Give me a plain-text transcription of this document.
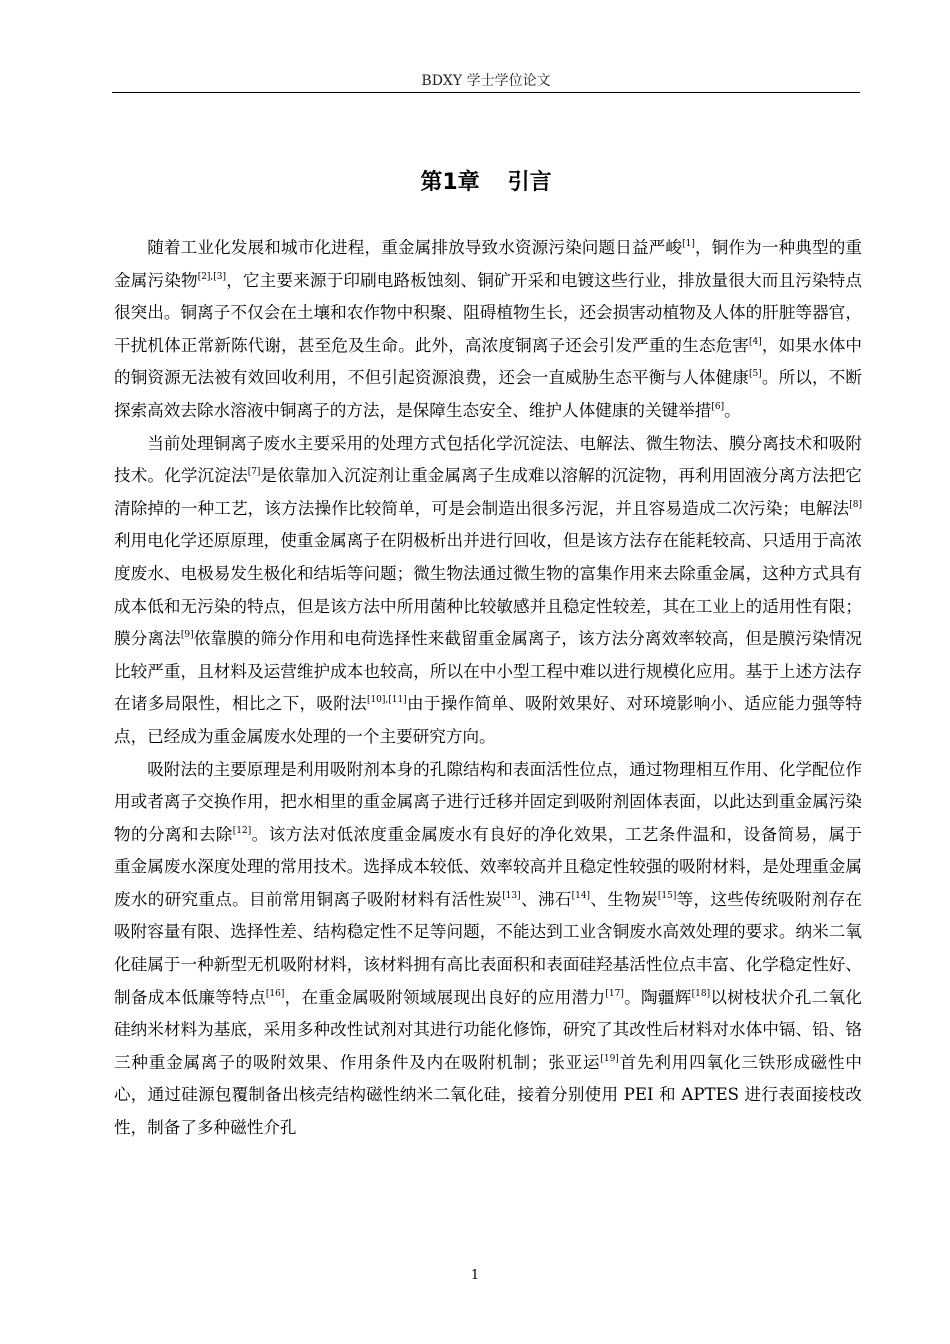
BDXY 学士学位论文
第1章 引言

随着工业化发展和城市化进程，重金属排放导致水资源污染问题日益严峻[1]，铜作为一种典型的重金属污染物[2],[3]，它主要来源于印刷电路板蚀刻、铜矿开采和电镀这些行业，排放量很大而且污染特点很突出。铜离子不仅会在土壤和农作物中积聚、阻碍植物生长，还会损害动植物及人体的肝脏等器官，干扰机体正常新陈代谢，甚至危及生命。此外，高浓度铜离子还会引发严重的生态危害[4]，如果水体中的铜资源无法被有效回收利用，不但引起资源浪费，还会一直威胁生态平衡与人体健康[5]。所以，不断探索高效去除水溶液中铜离子的方法，是保障生态安全、维护人体健康的关键举措[6]。

当前处理铜离子废水主要采用的处理方式包括化学沉淀法、电解法、微生物法、膜分离技术和吸附技术。化学沉淀法[7]是依靠加入沉淀剂让重金属离子生成难以溶解的沉淀物，再利用固液分离方法把它清除掉的一种工艺，该方法操作比较简单，可是会制造出很多污泥，并且容易造成二次污染；电解法[8]利用电化学还原原理，使重金属离子在阴极析出并进行回收，但是该方法存在能耗较高、只适用于高浓度废水、电极易发生极化和结垢等问题；微生物法通过微生物的富集作用来去除重金属，这种方式具有成本低和无污染的特点，但是该方法中所用菌种比较敏感并且稳定性较差，其在工业上的适用性有限；膜分离法[9]依靠膜的筛分作用和电荷选择性来截留重金属离子，该方法分离效率较高，但是膜污染情况比较严重，且材料及运营维护成本也较高，所以在中小型工程中难以进行规模化应用。基于上述方法存在诸多局限性，相比之下，吸附法[10],[11]由于操作简单、吸附效果好、对环境影响小、适应能力强等特点，已经成为重金属废水处理的一个主要研究方向。

吸附法的主要原理是利用吸附剂本身的孔隙结构和表面活性位点，通过物理相互作用、化学配位作用或者离子交换作用，把水相里的重金属离子进行迁移并固定到吸附剂固体表面，以此达到重金属污染物的分离和去除[12]。该方法对低浓度重金属废水有良好的净化效果，工艺条件温和，设备简易，属于重金属废水深度处理的常用技术。选择成本较低、效率较高并且稳定性较强的吸附材料，是处理重金属废水的研究重点。目前常用铜离子吸附材料有活性炭[13]、沸石[14]、生物炭[15]等，这些传统吸附剂存在吸附容量有限、选择性差、结构稳定性不足等问题，不能达到工业含铜废水高效处理的要求。纳米二氧化硅属于一种新型无机吸附材料，该材料拥有高比表面积和表面硅羟基活性位点丰富、化学稳定性好、制备成本低廉等特点[16]，在重金属吸附领域展现出良好的应用潜力[17]。陶疆辉[18]以树枝状介孔二氧化硅纳米材料为基底，采用多种改性试剂对其进行功能化修饰，研究了其改性后材料对水体中镉、铅、铬三种重金属离子的吸附效果、作用条件及内在吸附机制；张亚运[19]首先利用四氧化三铁形成磁性中心，通过硅源包覆制备出核壳结构磁性纳米二氧化硅，接着分别使用 PEI 和 APTES 进行表面接枝改性，制备了多种磁性介孔

1
